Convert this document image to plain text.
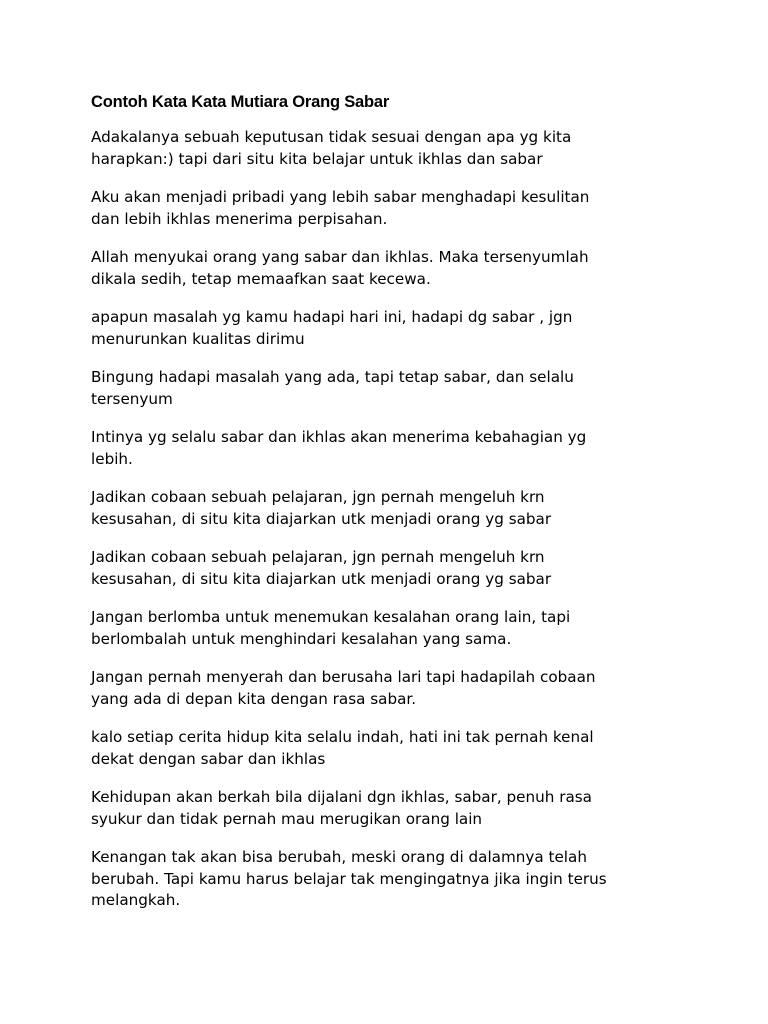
Contoh Kata Kata Mutiara Orang Sabar
Adakalanya sebuah keputusan tidak sesuai dengan apa yg kita
harapkan:) tapi dari situ kita belajar untuk ikhlas dan sabar
Aku akan menjadi pribadi yang lebih sabar menghadapi kesulitan
dan lebih ikhlas menerima perpisahan.
Allah menyukai orang yang sabar dan ikhlas. Maka tersenyumlah
dikala sedih, tetap memaafkan saat kecewa.
apapun masalah yg kamu hadapi hari ini, hadapi dg sabar , jgn
menurunkan kualitas dirimu
Bingung hadapi masalah yang ada, tapi tetap sabar, dan selalu
tersenyum
Intinya yg selalu sabar dan ikhlas akan menerima kebahagian yg
lebih.
Jadikan cobaan sebuah pelajaran, jgn pernah mengeluh krn
kesusahan, di situ kita diajarkan utk menjadi orang yg sabar
Jadikan cobaan sebuah pelajaran, jgn pernah mengeluh krn
kesusahan, di situ kita diajarkan utk menjadi orang yg sabar
Jangan berlomba untuk menemukan kesalahan orang lain, tapi
berlombalah untuk menghindari kesalahan yang sama.
Jangan pernah menyerah dan berusaha lari tapi hadapilah cobaan
yang ada di depan kita dengan rasa sabar.
kalo setiap cerita hidup kita selalu indah, hati ini tak pernah kenal
dekat dengan sabar dan ikhlas
Kehidupan akan berkah bila dijalani dgn ikhlas, sabar, penuh rasa
syukur dan tidak pernah mau merugikan orang lain
Kenangan tak akan bisa berubah, meski orang di dalamnya telah
berubah. Tapi kamu harus belajar tak mengingatnya jika ingin terus
melangkah.
